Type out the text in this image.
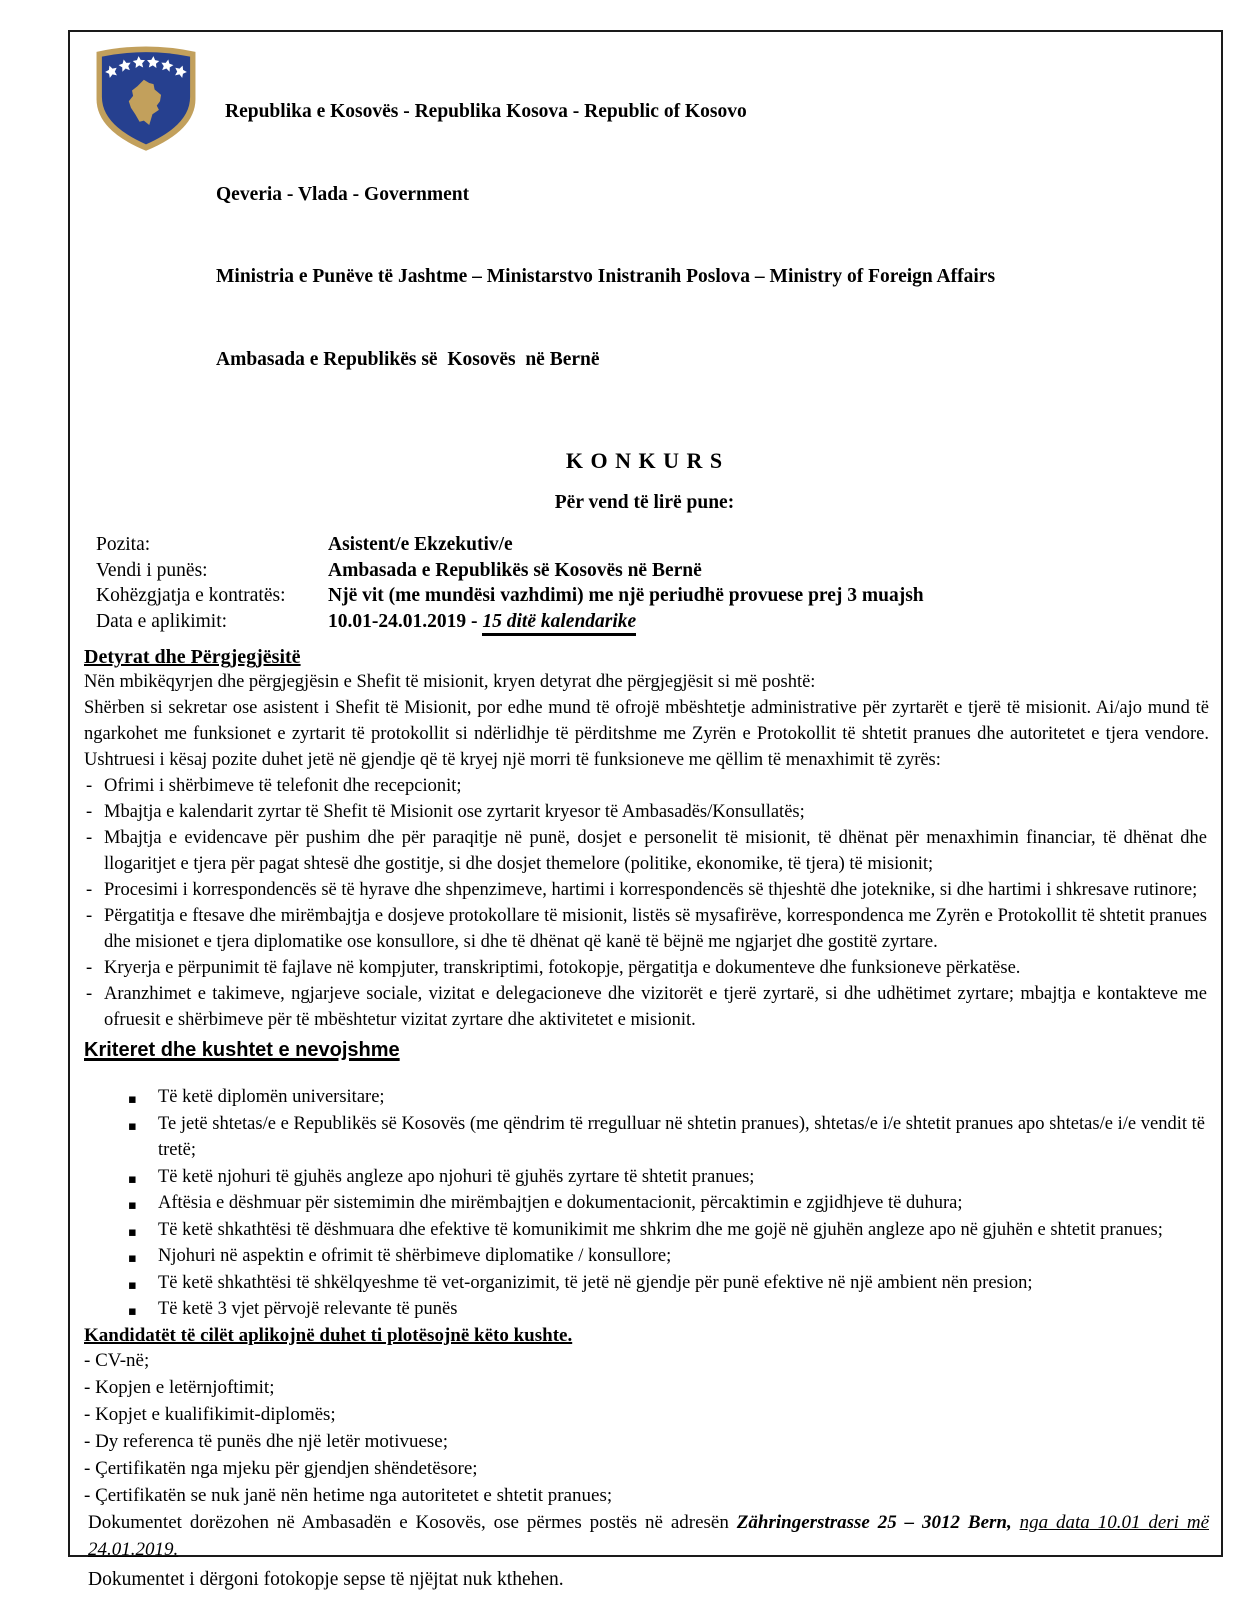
Republika e Kosovës - Republika Kosova - Republic of Kosovo

Qeveria - Vlada - Government

Ministria e Punëve të Jashtme – Ministarstvo Inistranih Poslova – Ministry of Foreign Affairs

Ambasada e Republikës së  Kosovës  në Bernë

K O N K U R S
Për vend të lirë pune:
Pozita:	Asistent/e Ekzekutiv/e
Vendi i punës:	Ambasada e Republikës së Kosovës në Bernë
Kohëzgjatja e kontratës:	Një vit (me mundësi vazhdimi) me një periudhë provuese prej 3 muajsh
Data e aplikimit:	10.01-24.01.2019 - 15 ditë kalendarike
Detyrat dhe Përgjegjësitë

Nën mbikëqyrjen dhe përgjegjësin e Shefit të misionit, kryen detyrat dhe përgjegjësit si më poshtë:

Shërben si sekretar ose asistent i Shefit të Misionit, por edhe mund të ofrojë mbështetje administrative për zyrtarët e tjerë të misionit. Ai/ajo mund të ngarkohet me funksionet e zyrtarit të protokollit si ndërlidhje të përditshme me Zyrën e Protokollit të shtetit pranues dhe autoritetet e tjera vendore. Ushtruesi i kësaj pozite duhet jetë në gjendje që të kryej një morri të funksioneve me qëllim të menaxhimit të zyrës:

- Ofrimi i shërbimeve të telefonit dhe recepcionit;
- Mbajtja e kalendarit zyrtar të Shefit të Misionit ose zyrtarit kryesor të Ambasadës/Konsullatës;
- Mbajtja e evidencave për pushim dhe për paraqitje në punë, dosjet e personelit të misionit, të dhënat për menaxhimin financiar, të dhënat dhe llogaritjet e tjera për pagat shtesë dhe gostitje, si dhe dosjet themelore (politike, ekonomike, të tjera) të misionit;
- Procesimi i korrespondencës së të hyrave dhe shpenzimeve, hartimi i korrespondencës së thjeshtë dhe joteknike, si dhe hartimi i shkresave rutinore;
- Përgatitja e ftesave dhe mirëmbajtja e dosjeve protokollare të misionit, listës së mysafirëve, korrespondenca me Zyrën e Protokollit të shtetit pranues dhe misionet e tjera diplomatike ose konsullore, si dhe të dhënat që kanë të bëjnë me ngjarjet dhe gostitë zyrtare.
- Kryerja e përpunimit të fajlave në kompjuter, transkriptimi, fotokopje, përgatitja e dokumenteve dhe funksioneve përkatëse.
- Aranzhimet e takimeve, ngjarjeve sociale, vizitat e delegacioneve dhe vizitorët e tjerë zyrtarë, si dhe udhëtimet zyrtare; mbajtja e kontakteve me ofruesit e shërbimeve për të mbështetur vizitat zyrtare dhe aktivitetet e misionit.
Kriteret dhe kushtet e nevojshme
▪ Të ketë diplomën universitare;
▪ Te jetë shtetas/e e Republikës së Kosovës (me qëndrim të rregulluar në shtetin pranues), shtetas/e i/e shtetit pranues apo shtetas/e i/e vendit të tretë;
▪ Të ketë njohuri të gjuhës angleze apo njohuri të gjuhës zyrtare të shtetit pranues;
▪ Aftësia e dëshmuar për sistemimin dhe mirëmbajtjen e dokumentacionit, përcaktimin e zgjidhjeve të duhura;
▪ Të ketë shkathtësi të dëshmuara dhe efektive të komunikimit me shkrim dhe me gojë në gjuhën angleze apo në gjuhën e shtetit pranues;
▪ Njohuri në aspektin e ofrimit të shërbimeve diplomatike / konsullore;
▪ Të ketë shkathtësi të shkëlqyeshme të vet-organizimit, të jetë në gjendje për punë efektive në një ambient nën presion;
▪ Të ketë 3 vjet përvojë relevante të punës
Kandidatët të cilët aplikojnë duhet ti plotësojnë këto kushte.
- CV-në;
- Kopjen e letërnjoftimit;
- Kopjet e kualifikimit-diplomës;
- Dy referenca të punës dhe një letër motivuese;
- Çertifikatën nga mjeku për gjendjen shëndetësore;
- Çertifikatën se nuk janë nën hetime nga autoritetet e shtetit pranues;

Dokumentet dorëzohen në Ambasadën e Kosovës, ose përmes postës në adresën Zähringerstrasse 25 – 3012 Bern, nga data 10.01 deri më 24.01.2019.

Dokumentet i dërgoni fotokopje sepse të njëjtat nuk kthehen.
